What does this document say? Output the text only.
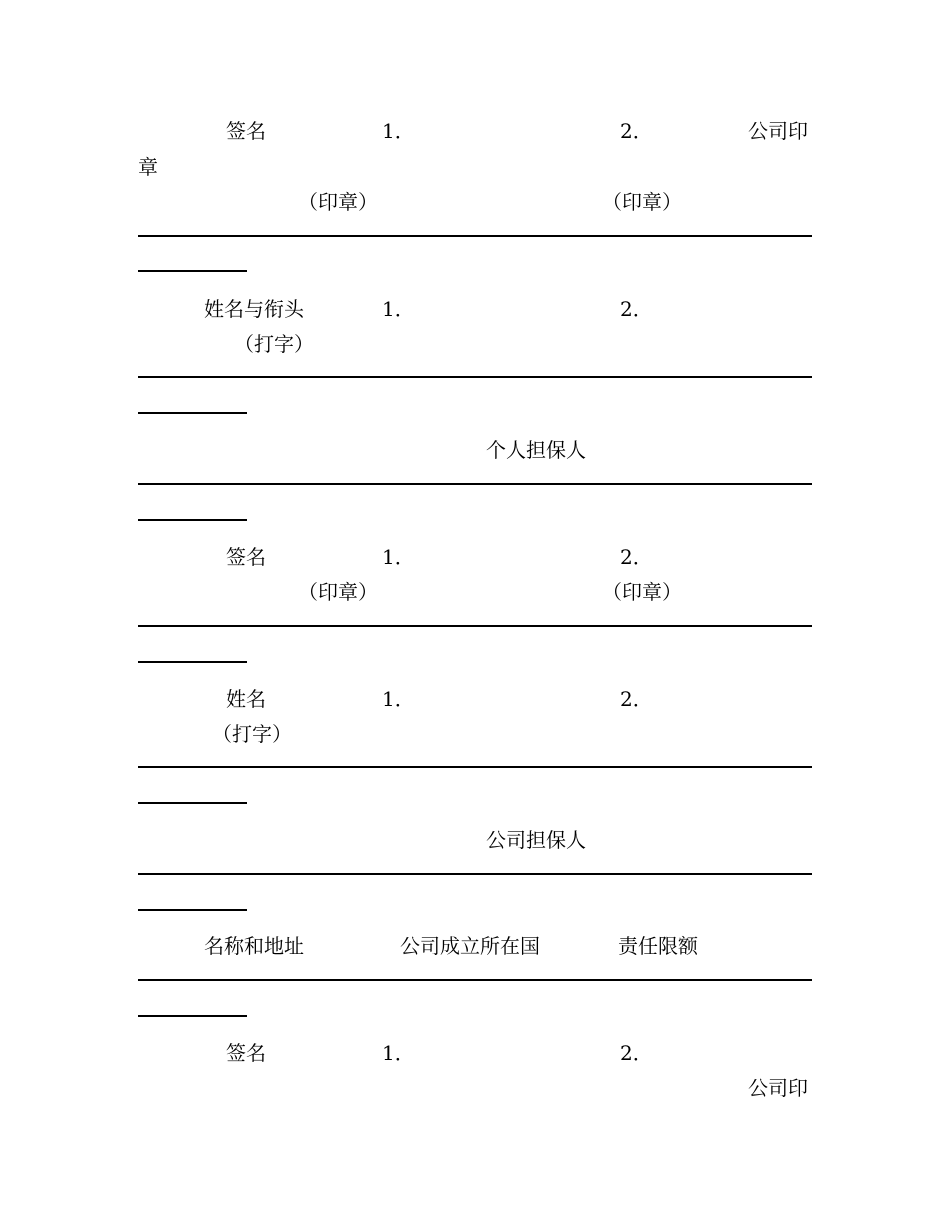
签名	1．	2．	公司印
章
（印章）	（印章）
姓名与衔头	1．	2．
（打字）
个人担保人
签名	1．	2．
（印章）	（印章）
姓名	1．	2．
（打字）
公司担保人
名称和地址	公司成立所在国	责任限额
签名	1．	2．
公司印
